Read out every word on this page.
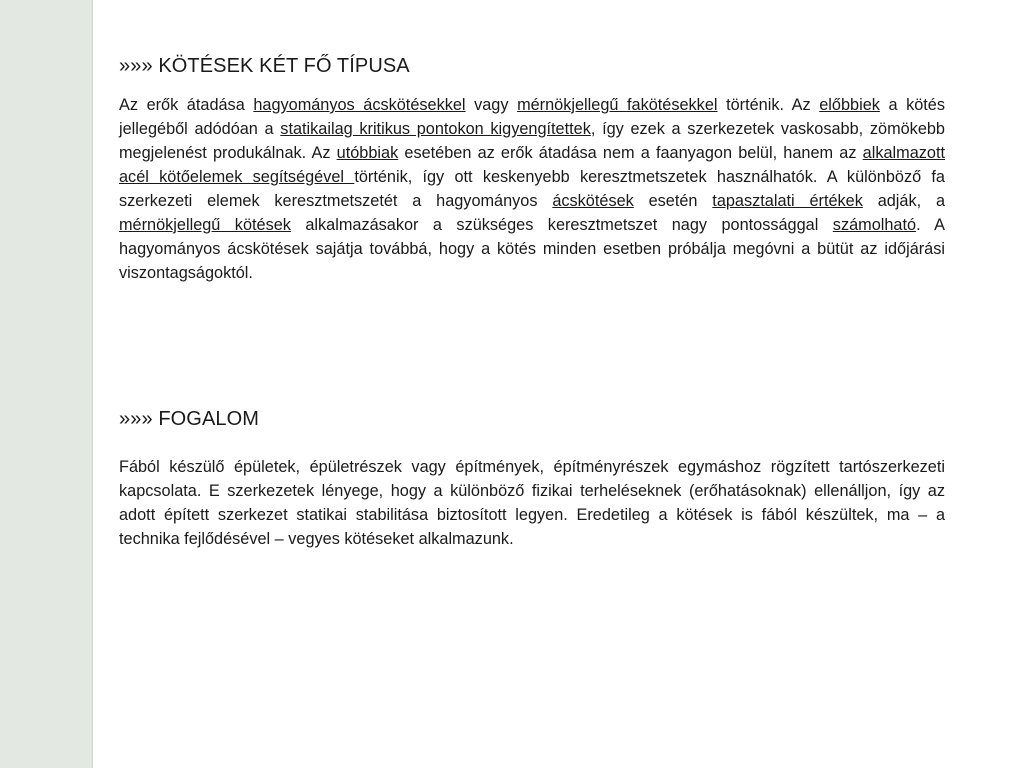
»»» KÖTÉSEK KÉT FŐ TÍPUSA

Az erők átadása hagyományos ácskötésekkel vagy mérnökjellegű fakötésekkel történik. Az előbbiek a kötés jellegéből adódóan a statikailag kritikus pontokon kigyengítettek, így ezek a szerkezetek vaskosabb, zömökebb megjelenést produkálnak. Az utóbbiak esetében az erők átadása nem a faanyagon belül, hanem az alkalmazott acél kötőelemek segítségével történik, így ott keskenyebb keresztmetszetek használhatók. A különböző fa szerkezeti elemek keresztmetszetét a hagyományos ácskötések esetén tapasztalati értékek adják, a mérnökjellegű kötések alkalmazásakor a szükséges keresztmetszet nagy pontossággal számolható. A hagyományos ácskötések sajátja továbbá, hogy a kötés minden esetben próbálja megóvni a bütüt az időjárási viszontagságoktól.

»»» FOGALOM

Fából készülő épületek, épületrészek vagy építmények, építményrészek egymáshoz rögzített tartószerkezeti kapcsolata. E szerkezetek lényege, hogy a különböző fizikai terheléseknek (erőhatásoknak) ellenálljon, így az adott épített szerkezet statikai stabilitása biztosított legyen. Eredetileg a kötések is fából készültek, ma – a technika fejlődésével – vegyes kötéseket alkalmazunk.
